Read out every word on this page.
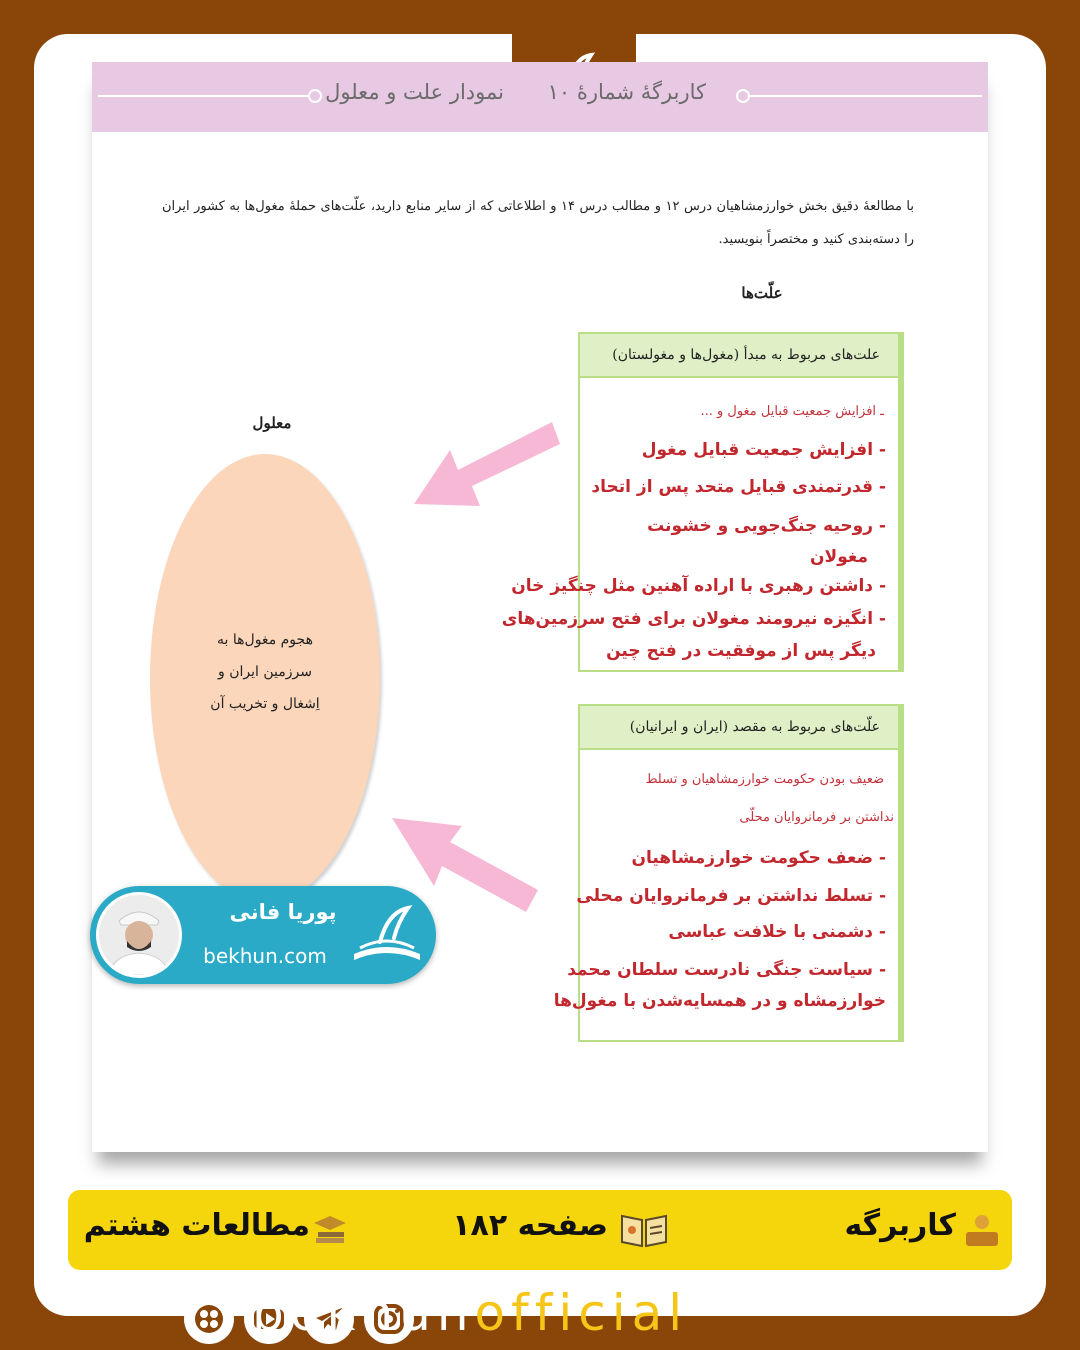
نمودار علت و معلول کاربرگهٔ شمارهٔ ۱۰
با مطالعهٔ دقیق بخش خوارزمشاهیان درس ۱۲ و مطالب درس ۱۴ و اطلاعاتی که از سایر منابع دارید، علّت‌های حملهٔ مغول‌ها به کشور ایران را دسته‌بندی کنید و مختصراً بنویسید.
علّت‌ها
معلول
علت‌های مربوط به مبدأ (مغول‌ها و مغولستان)
ـ افزایش جمعیت قبایل مغول و ...
- افزایش جمعیت قبایل مغول
- قدرتمندی قبایل متحد پس از اتحاد
- روحیه جنگ‌جویی و خشونت
مغولان
- داشتن رهبری با اراده آهنین مثل چنگیز خان
- انگیزه نیرومند مغولان برای فتح سرزمین‌های
دیگر پس از موفقیت در فتح چین
علّت‌های مربوط به مقصد (ایران و ایرانیان)
ضعیف بودن حکومت خوارزمشاهیان و تسلط
نداشتن بر فرمانروایان محلّی
- ضعف حکومت خوارزمشاهیان
- تسلط نداشتن بر فرمانروایان محلی
- دشمنی با خلافت عباسی
- سیاست جنگی نادرست سلطان محمد
خوارزمشاه و در همسایه‌شدن با مغول‌ها
هجوم مغول‌ها به
سرزمین ایران و
اِشغال و تخریب آن
پوریا فانی
bekhun.com
مطالعات هشتم	صفحه ۱۸۲	کاربرگه
bekhunofficial
